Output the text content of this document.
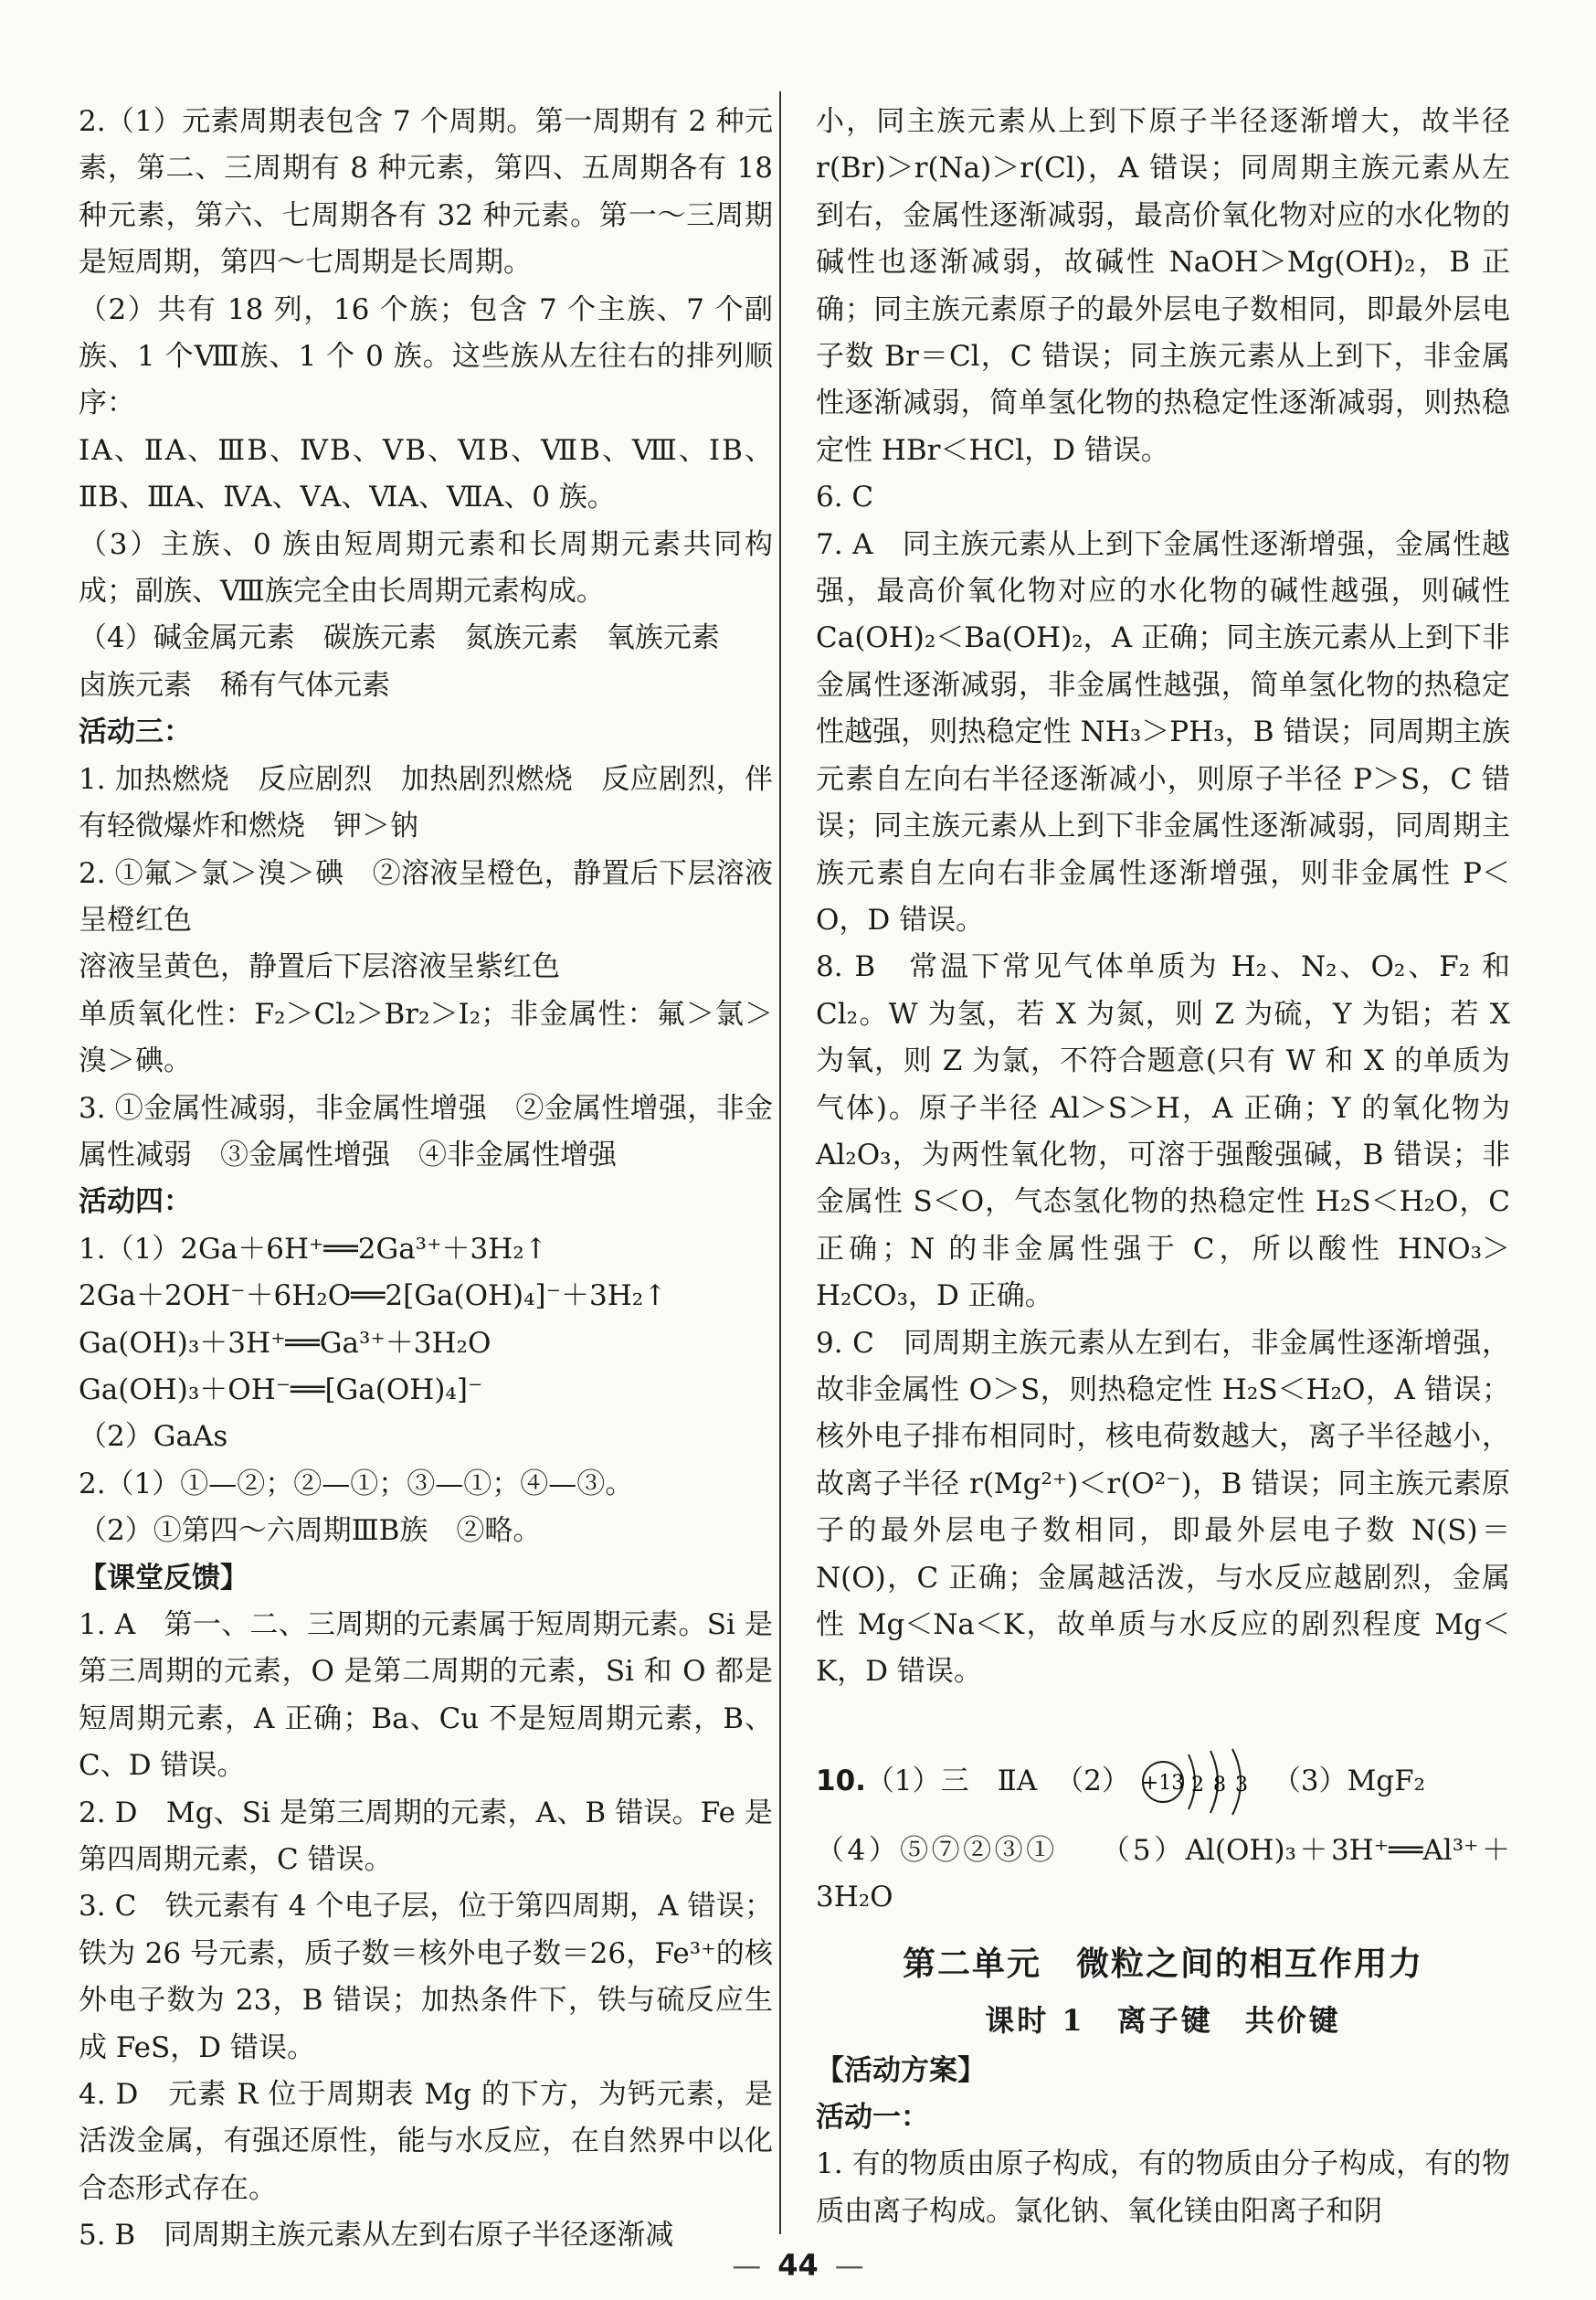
2.（1）元素周期表包含 7 个周期。第一周期有 2 种元素，第二、三周期有 8 种元素，第四、五周期各有 18 种元素，第六、七周期各有 32 种元素。第一～三周期是短周期，第四～七周期是长周期。

（2）共有 18 列，16 个族；包含 7 个主族、7 个副族、1 个Ⅷ族、1 个 0 族。这些族从左往右的排列顺序：

ⅠA、ⅡA、ⅢB、ⅣB、ⅤB、ⅥB、ⅦB、Ⅷ、ⅠB、ⅡB、ⅢA、ⅣA、ⅤA、ⅥA、ⅦA、0 族。

（3）主族、0 族由短周期元素和长周期元素共同构成；副族、Ⅷ族完全由长周期元素构成。

（4）碱金属元素　碳族元素　氮族元素　氧族元素

卤族元素　稀有气体元素

活动三：

1. 加热燃烧　反应剧烈　加热剧烈燃烧　反应剧烈，伴有轻微爆炸和燃烧　钾＞钠

2. ①氟＞氯＞溴＞碘　②溶液呈橙色，静置后下层溶液呈橙红色

溶液呈黄色，静置后下层溶液呈紫红色

单质氧化性：F₂＞Cl₂＞Br₂＞I₂；非金属性：氟＞氯＞溴＞碘。

3. ①金属性减弱，非金属性增强　②金属性增强，非金属性减弱　③金属性增强　④非金属性增强

活动四：

1.（1）2Ga＋6H⁺══2Ga³⁺＋3H₂↑

2Ga＋2OH⁻＋6H₂O══2[Ga(OH)₄]⁻＋3H₂↑

Ga(OH)₃＋3H⁺══Ga³⁺＋3H₂O

Ga(OH)₃＋OH⁻══[Ga(OH)₄]⁻

（2）GaAs

2.（1）①—②；②—①；③—①；④—③。

（2）①第四～六周期ⅢB族　②略。

【课堂反馈】

1. A　第一、二、三周期的元素属于短周期元素。Si 是第三周期的元素，O 是第二周期的元素，Si 和 O 都是短周期元素，A 正确；Ba、Cu 不是短周期元素，B、C、D 错误。

2. D　Mg、Si 是第三周期的元素，A、B 错误。Fe 是第四周期元素，C 错误。

3. C　铁元素有 4 个电子层，位于第四周期，A 错误；铁为 26 号元素，质子数＝核外电子数＝26，Fe³⁺的核外电子数为 23，B 错误；加热条件下，铁与硫反应生成 FeS，D 错误。

4. D　元素 R 位于周期表 Mg 的下方，为钙元素，是活泼金属，有强还原性，能与水反应，在自然界中以化合态形式存在。

5. B　同周期主族元素从左到右原子半径逐渐减

小，同主族元素从上到下原子半径逐渐增大，故半径 r(Br)＞r(Na)＞r(Cl)，A 错误；同周期主族元素从左到右，金属性逐渐减弱，最高价氧化物对应的水化物的碱性也逐渐减弱，故碱性 NaOH＞Mg(OH)₂，B 正确；同主族元素原子的最外层电子数相同，即最外层电子数 Br＝Cl，C 错误；同主族元素从上到下，非金属性逐渐减弱，简单氢化物的热稳定性逐渐减弱，则热稳定性 HBr＜HCl，D 错误。

6. C

7. A　同主族元素从上到下金属性逐渐增强，金属性越强，最高价氧化物对应的水化物的碱性越强，则碱性 Ca(OH)₂＜Ba(OH)₂，A 正确；同主族元素从上到下非金属性逐渐减弱，非金属性越强，简单氢化物的热稳定性越强，则热稳定性 NH₃＞PH₃，B 错误；同周期主族元素自左向右半径逐渐减小，则原子半径 P＞S，C 错误；同主族元素从上到下非金属性逐渐减弱，同周期主族元素自左向右非金属性逐渐增强，则非金属性 P＜O，D 错误。

8. B　常温下常见气体单质为 H₂、N₂、O₂、F₂ 和 Cl₂。W 为氢，若 X 为氮，则 Z 为硫，Y 为铝；若 X 为氧，则 Z 为氯，不符合题意(只有 W 和 X 的单质为气体)。原子半径 Al＞S＞H，A 正确；Y 的氧化物为 Al₂O₃，为两性氧化物，可溶于强酸强碱，B 错误；非金属性 S＜O，气态氢化物的热稳定性 H₂S＜H₂O，C 正确；N 的非金属性强于 C，所以酸性 HNO₃＞H₂CO₃，D 正确。

9. C　同周期主族元素从左到右，非金属性逐渐增强，故非金属性 O＞S，则热稳定性 H₂S＜H₂O，A 错误；核外电子排布相同时，核电荷数越大，离子半径越小，故离子半径 r(Mg²⁺)＜r(O²⁻)，B 错误；同主族元素原子的最外层电子数相同，即最外层电子数 N(S)＝N(O)，C 正确；金属越活泼，与水反应越剧烈，金属性 Mg＜Na＜K，故单质与水反应的剧烈程度 Mg＜K，D 错误。

10. （1）三　ⅡA （2） +13 2 8 3 （3）MgF₂

（4）⑤⑦②③①　 （5）Al(OH)₃＋3H⁺══Al³⁺＋3H₂O

第二单元　微粒之间的相互作用力
课时 1　离子键　共价键

【活动方案】

活动一：

1. 有的物质由原子构成，有的物质由分子构成，有的物质由离子构成。氯化钠、氧化镁由阳离子和阴

— 44 —
